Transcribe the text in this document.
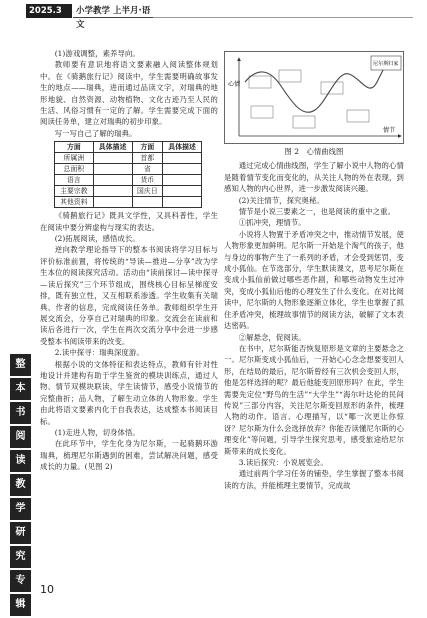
2025.3	小学教学 上半月·语文

(1)游戏调整，素养导向。

教师要有意识地将语文要素融入阅读整体规划中。在《骑鹅旅行记》阅读中，学生需要明确故事发生的地点——瑞典，进而通过品读文字，对瑞典的地形地貌、自然资源、动物植物、文化古迹乃至人民的生活、风俗习惯有一定的了解。学生需要完成下面的阅读任务单，建立对瑞典的初步印象。

写一写自己了解的瑞典。

方面	具体描述	方面	具体描述
所属洲		首都	
总面积		省	
语言		货币	
主要宗教		国庆日	
其他资料			

《骑鹅旅行记》既具文学性，又具科普性，学生在阅读中要分辨虚构与现实的表达。

(2)拓展阅读，感悟成长。

逆向教学理论指导下的整本书阅读将学习目标与评价标准前置，将传统的“导读—推进—分享”改为学生本位的阅读探究活动。活动由“读前探讨—读中探寻—读后探究”三个环节组成，围绕核心目标呈梯度安排，既有独立性，又互相联系渗透。学生收集有关瑞典、作者的信息，完成阅读任务单。教师组织学生开展交流会，分享自己对瑞典的印象。交流会在读前和读后各进行一次，学生在两次交流分享中会进一步感受整本书阅读带来的改变。

2.读中探寻：瑞典深度游。

根据小说的文体特征和表达特点，教师有针对性地设计并建构有助于学生鉴赏的模块训练点，通过人物、情节双模块联读，学生读情节，感受小说情节的完整曲折；品人物，了解生动立体的人物形象。学生由此将语文要素内化于自我表达，达成整本书阅读目标。

(1)走进人物，切身体悟。

在此环节中，学生化身为尼尔斯，一起骑鹅环游瑞典，梳理尼尔斯遇到的困难，尝试解决问题，感受成长的力量。(见图 2)

心情
情节
尼尔斯归家
图 2　心情曲线图

通过完成心情曲线图，学生了解小说中人物的心情是随着情节变化而变化的，从关注人物的外在表现，到感知人物的内心世界，进一步激发阅读兴趣。

(2)关注情节，探究奥秘。

情节是小说三要素之一，也是阅读的重中之重。

①抓冲突，理情节。

小说将人物置于矛盾冲突之中，推动情节发展，使人物形象更加鲜明。尼尔斯一开始是个淘气的孩子，他与身边的事物产生了一系列的矛盾，才会受到惩罚，变成小狐仙。在节选部分，学生默读课文，思考尼尔斯在变成小狐仙前做过哪些恶作剧，和哪些动物发生过冲突，变成小狐仙后他的心理发生了什么变化。在对比阅读中，尼尔斯的人物形象逐渐立体化，学生也掌握了抓住矛盾冲突，梳理故事情节的阅读方法，破解了文本表达密码。

②解悬念，促阅读。

在书中，尼尔斯能否恢复原形是文章的主要悬念之一。尼尔斯变成小狐仙后，一开始心心念念想要变回人形，在结局的最后，尼尔斯曾经有三次机会变回人形，他是怎样选择的呢？最后他能变回原形吗？在此，学生需要先定位“野鸟的生活”“大学生”“海尔叶达伦的民间传说”三部分内容，关注尼尔斯变回原形的条件，梳理人物的动作、语言、心理描写，以“哪一次更让你惊讶？尼尔斯为什么会选择放弃？你能否读懂尼尔斯的心理变化”等问题，引导学生探究思考，感受旅途给尼尔斯带来的成长变化。

3.读后探究：小说展览会。

通过前两个学习任务的铺垫，学生掌握了整本书阅读的方法，并能梳理主要情节，完成故

整
本
书
阅
读
教
学
研
究
专
辑
10
